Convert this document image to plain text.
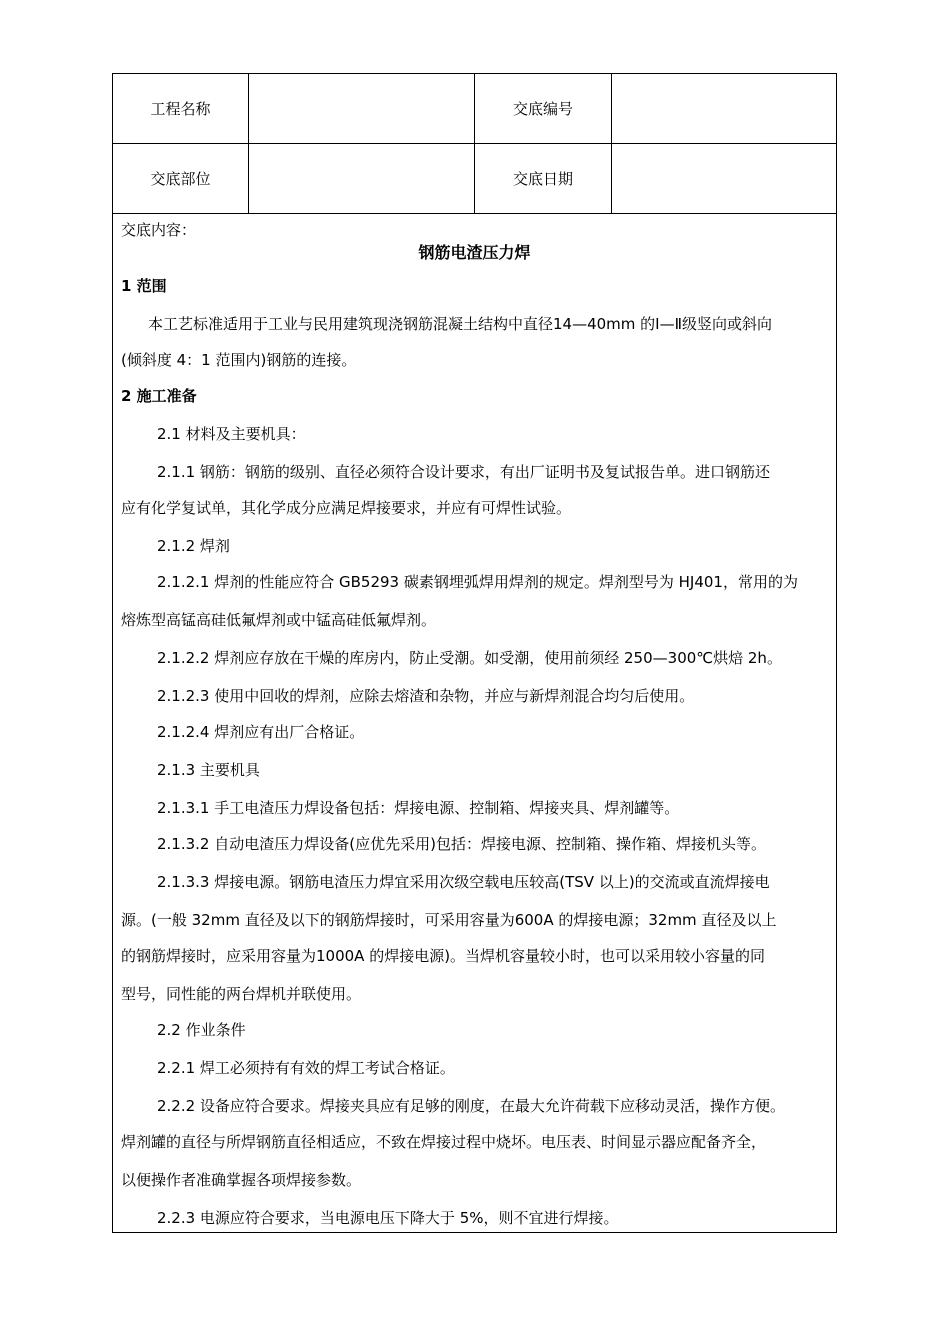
工程名称	交底编号
交底部位	交底日期
交底内容：
钢筋电渣压力焊
1 范围
本工艺标准适用于工业与民用建筑现浇钢筋混凝土结构中直径14—40mm 的Ⅰ—Ⅱ级竖向或斜向
(倾斜度 4：1 范围内)钢筋的连接。
2 施工准备
2.1 材料及主要机具：
2.1.1 钢筋：钢筋的级别、直径必须符合设计要求，有出厂证明书及复试报告单。进口钢筋还
应有化学复试单，其化学成分应满足焊接要求，并应有可焊性试验。
2.1.2 焊剂
2.1.2.1 焊剂的性能应符合 GB5293 碳素钢埋弧焊用焊剂的规定。焊剂型号为 HJ401，常用的为
熔炼型高锰高硅低氟焊剂或中锰高硅低氟焊剂。
2.1.2.2 焊剂应存放在干燥的库房内，防止受潮。如受潮，使用前须经 250—300℃烘焙 2h。
2.1.2.3 使用中回收的焊剂，应除去熔渣和杂物，并应与新焊剂混合均匀后使用。
2.1.2.4 焊剂应有出厂合格证。
2.1.3 主要机具
2.1.3.1 手工电渣压力焊设备包括：焊接电源、控制箱、焊接夹具、焊剂罐等。
2.1.3.2 自动电渣压力焊设备(应优先采用)包括：焊接电源、控制箱、操作箱、焊接机头等。
2.1.3.3 焊接电源。钢筋电渣压力焊宜采用次级空载电压较高(TSV 以上)的交流或直流焊接电
源。(一般 32mm 直径及以下的钢筋焊接时，可采用容量为600A 的焊接电源；32mm 直径及以上
的钢筋焊接时，应采用容量为1000A 的焊接电源)。当焊机容量较小时，也可以采用较小容量的同
型号，同性能的两台焊机并联使用。
2.2 作业条件
2.2.1 焊工必须持有有效的焊工考试合格证。
2.2.2 设备应符合要求。焊接夹具应有足够的刚度，在最大允许荷载下应移动灵活，操作方便。
焊剂罐的直径与所焊钢筋直径相适应，不致在焊接过程中烧坏。电压表、时间显示器应配备齐全，
以便操作者准确掌握各项焊接参数。
2.2.3 电源应符合要求，当电源电压下降大于 5%，则不宜进行焊接。
